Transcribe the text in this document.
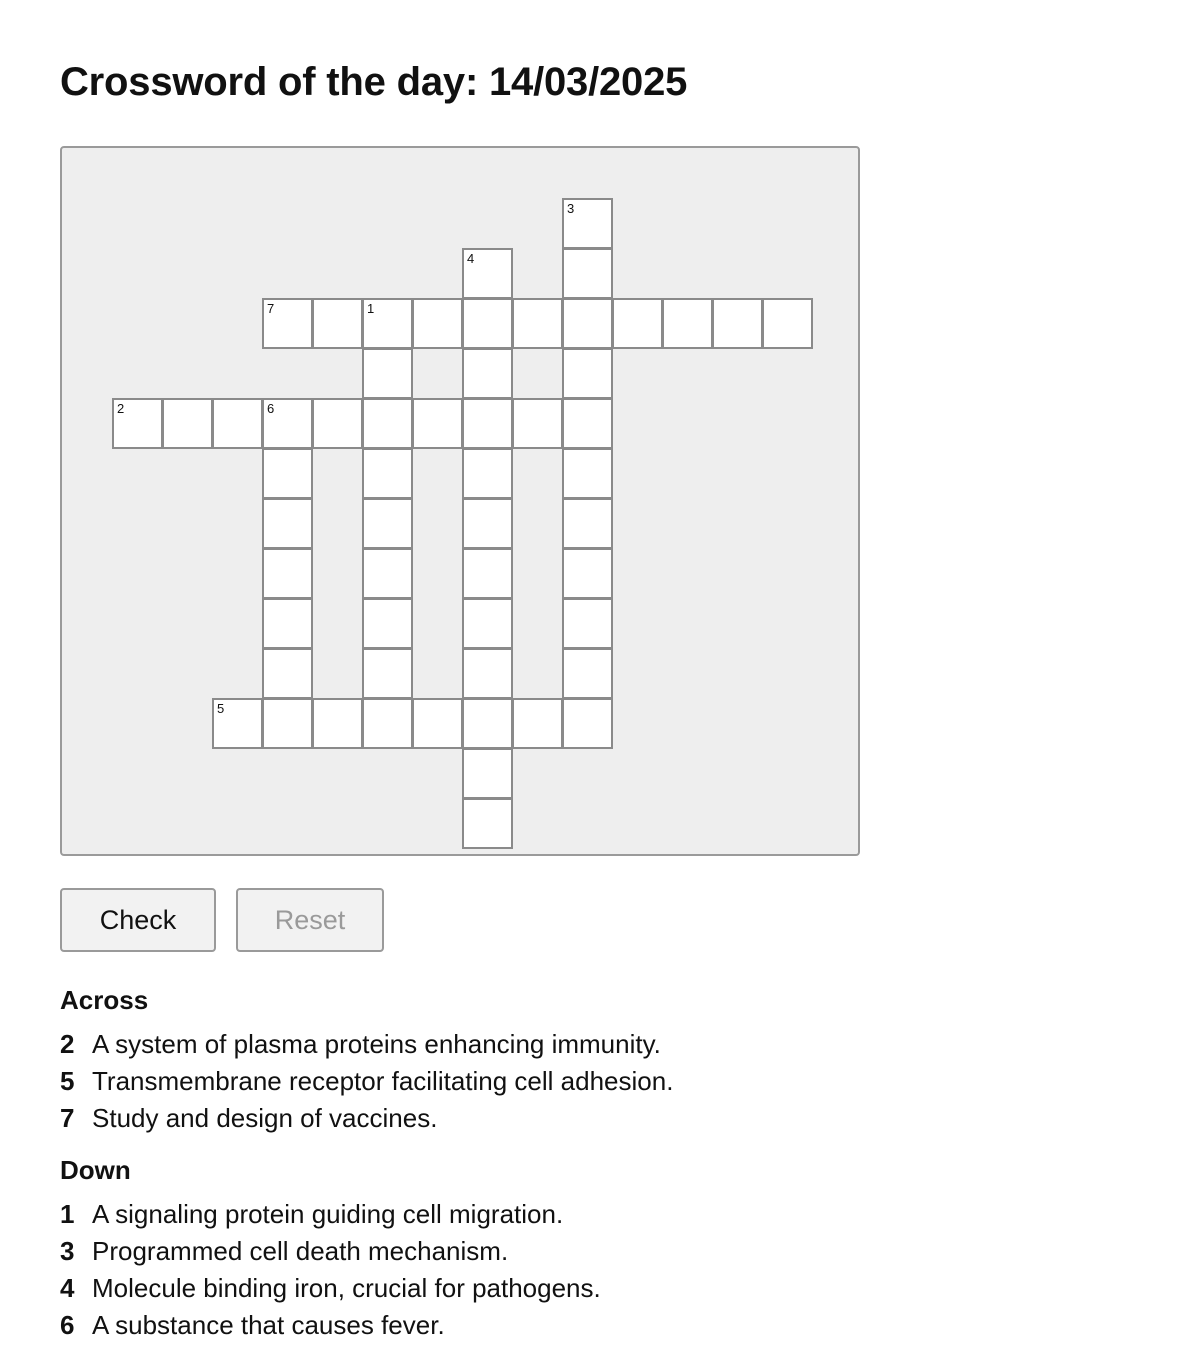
Crossword of the day: 14/03/2025
1
2	6
3
4
5
7
Check	Reset
Across
2 A system of plasma proteins enhancing immunity.
5 Transmembrane receptor facilitating cell adhesion.
7 Study and design of vaccines.
Down
1 A signaling protein guiding cell migration.
3 Programmed cell death mechanism.
4 Molecule binding iron, crucial for pathogens.
6 A substance that causes fever.
